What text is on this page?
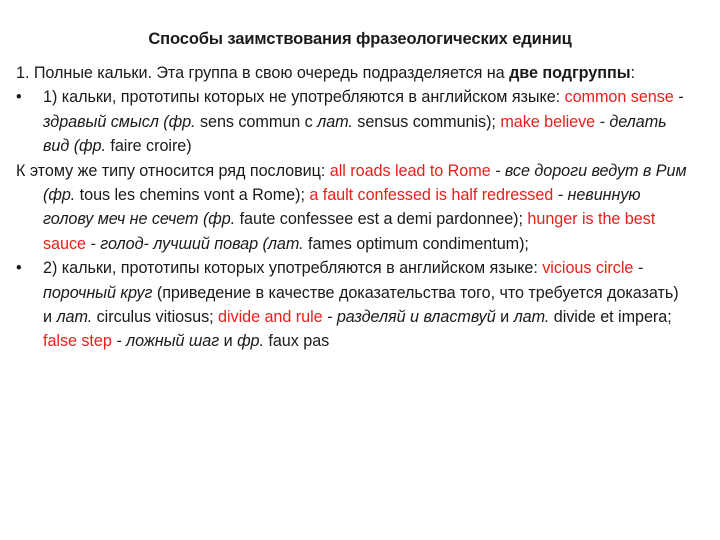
Способы заимствования фразеологических единиц

1. Полные кальки. Эта группа в свою очередь подразделяется на две подгруппы:

• 1) кальки, прототипы которых не употребляются в английском языке: common sense - здравый смысл (фр. sens commun с лат. sensus communis); make believe - делать вид (фр. faire croire)

К этому же типу относится ряд пословиц: all roads lead to Rome - все дороги ведут в Рим (фр. tous les chemins vont a Rome); a fault confessed is half redressed - невинную голову меч не сечет (фр. faute confessee est a demi pardonnee); hunger is the best sauce - голод- лучший повар (лат. fames optimum condimentum);

• 2) кальки, прототипы которых употребляются в английском языке: vicious circle - порочный круг (приведение в качестве доказательства того, что требуется доказать) и лат. circulus vitiosus; divide and rule - разделяй и властвуй и лат. divide et impera; false step - ложный шаг и фр. faux pas
